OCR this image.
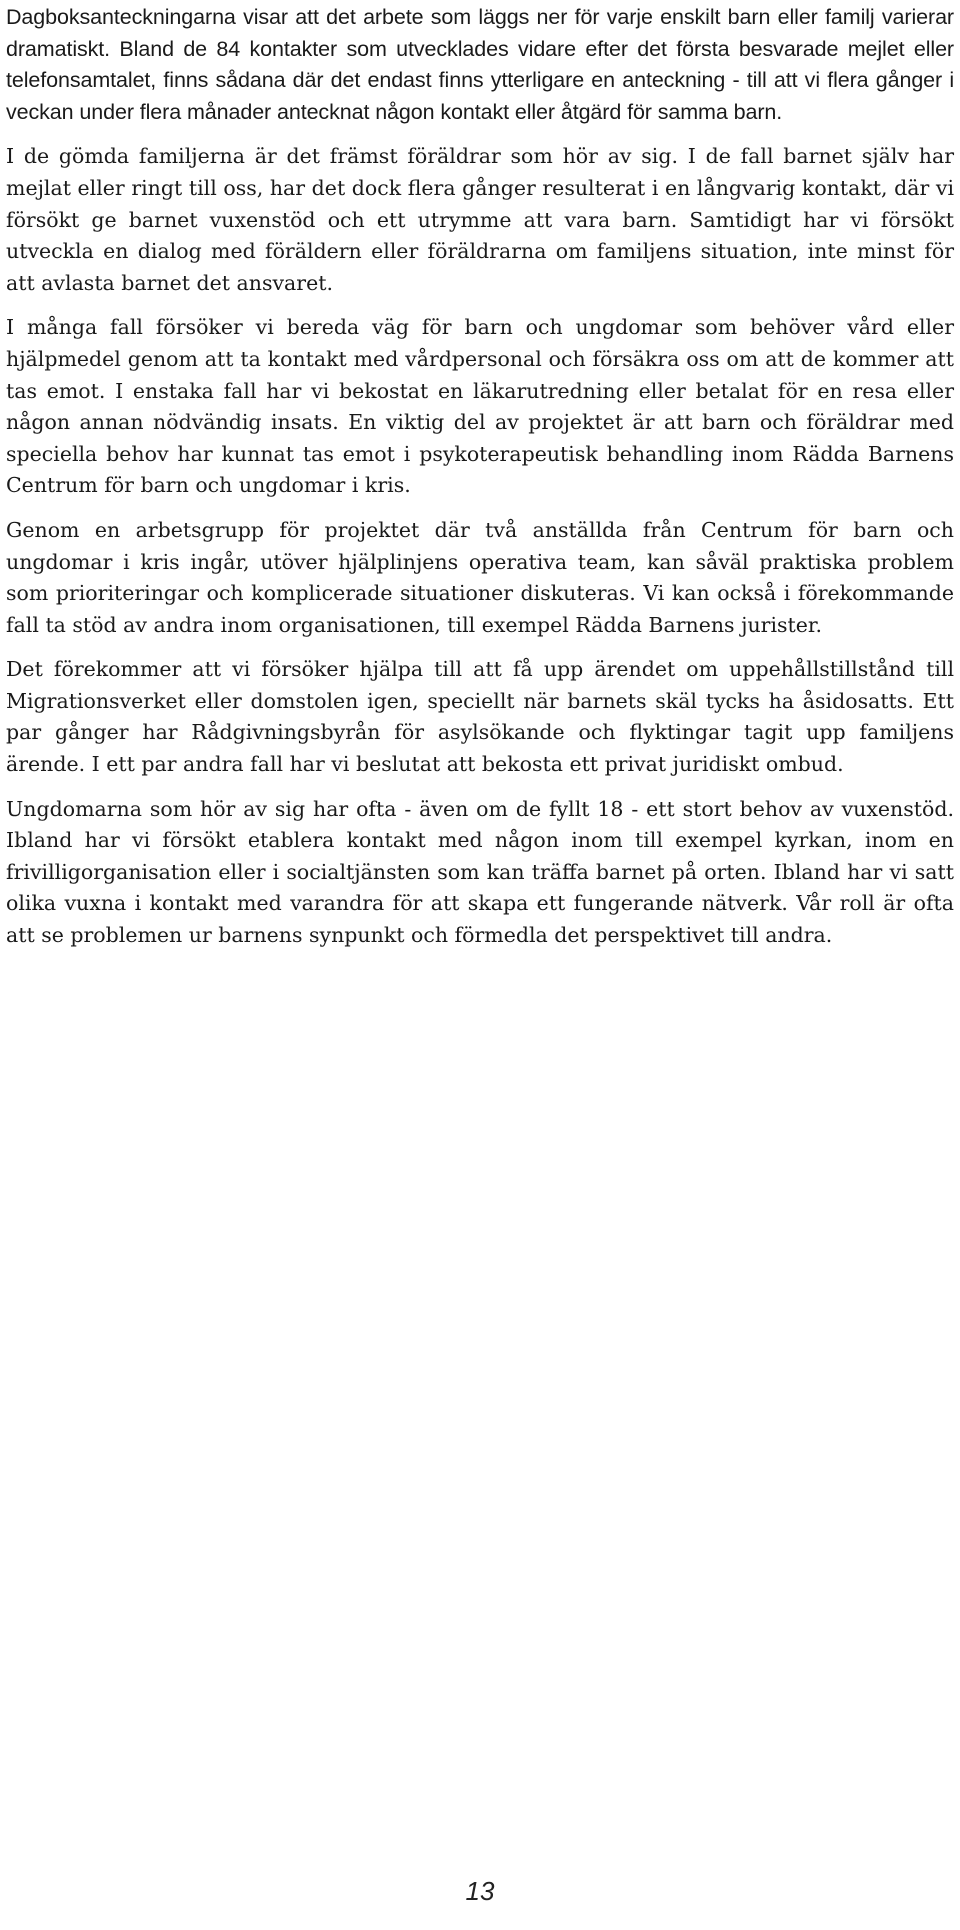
Dagboksanteckningarna visar att det arbete som läggs ner för varje enskilt barn eller familj varierar dramatiskt. Bland de 84 kontakter som utvecklades vidare efter det första besvarade mejlet eller telefonsamtalet, finns sådana där det endast finns ytterligare en anteckning - till att vi flera gånger i veckan under flera månader antecknat någon kontakt eller åtgärd för samma barn.

I de gömda familjerna är det främst föräldrar som hör av sig. I de fall barnet själv har mejlat eller ringt till oss, har det dock flera gånger resulterat i en långvarig kontakt, där vi försökt ge barnet vuxenstöd och ett utrymme att vara barn. Samtidigt har vi försökt utveckla en dialog med föräldern eller föräldrarna om familjens situation, inte minst för att avlasta barnet det ansvaret.

I många fall försöker vi bereda väg för barn och ungdomar som behöver vård eller hjälpmedel genom att ta kontakt med vårdpersonal och försäkra oss om att de kommer att tas emot. I enstaka fall har vi bekostat en läkarutredning eller betalat för en resa eller någon annan nödvändig insats. En viktig del av projektet är att barn och föräldrar med speciella behov har kunnat tas emot i psykoterapeutisk behandling inom Rädda Barnens Centrum för barn och ungdomar i kris.

Genom en arbetsgrupp för projektet där två anställda från Centrum för barn och ungdomar i kris ingår, utöver hjälplinjens operativa team, kan såväl praktiska problem som prioriteringar och komplicerade situationer diskuteras. Vi kan också i förekommande fall ta stöd av andra inom organisationen, till exempel Rädda Barnens jurister.

Det förekommer att vi försöker hjälpa till att få upp ärendet om uppehållstillstånd till Migrationsverket eller domstolen igen, speciellt när barnets skäl tycks ha åsidosatts. Ett par gånger har Rådgivningsbyrån för asylsökande och flyktingar tagit upp familjens ärende. I ett par andra fall har vi beslutat att bekosta ett privat juridiskt ombud.

Ungdomarna som hör av sig har ofta - även om de fyllt 18 - ett stort behov av vuxenstöd. Ibland har vi försökt etablera kontakt med någon inom till exempel kyrkan, inom en frivilligorganisation eller i socialtjänsten som kan träffa barnet på orten. Ibland har vi satt olika vuxna i kontakt med varandra för att skapa ett fungerande nätverk. Vår roll är ofta att se problemen ur barnens synpunkt och förmedla det perspektivet till andra.

13
